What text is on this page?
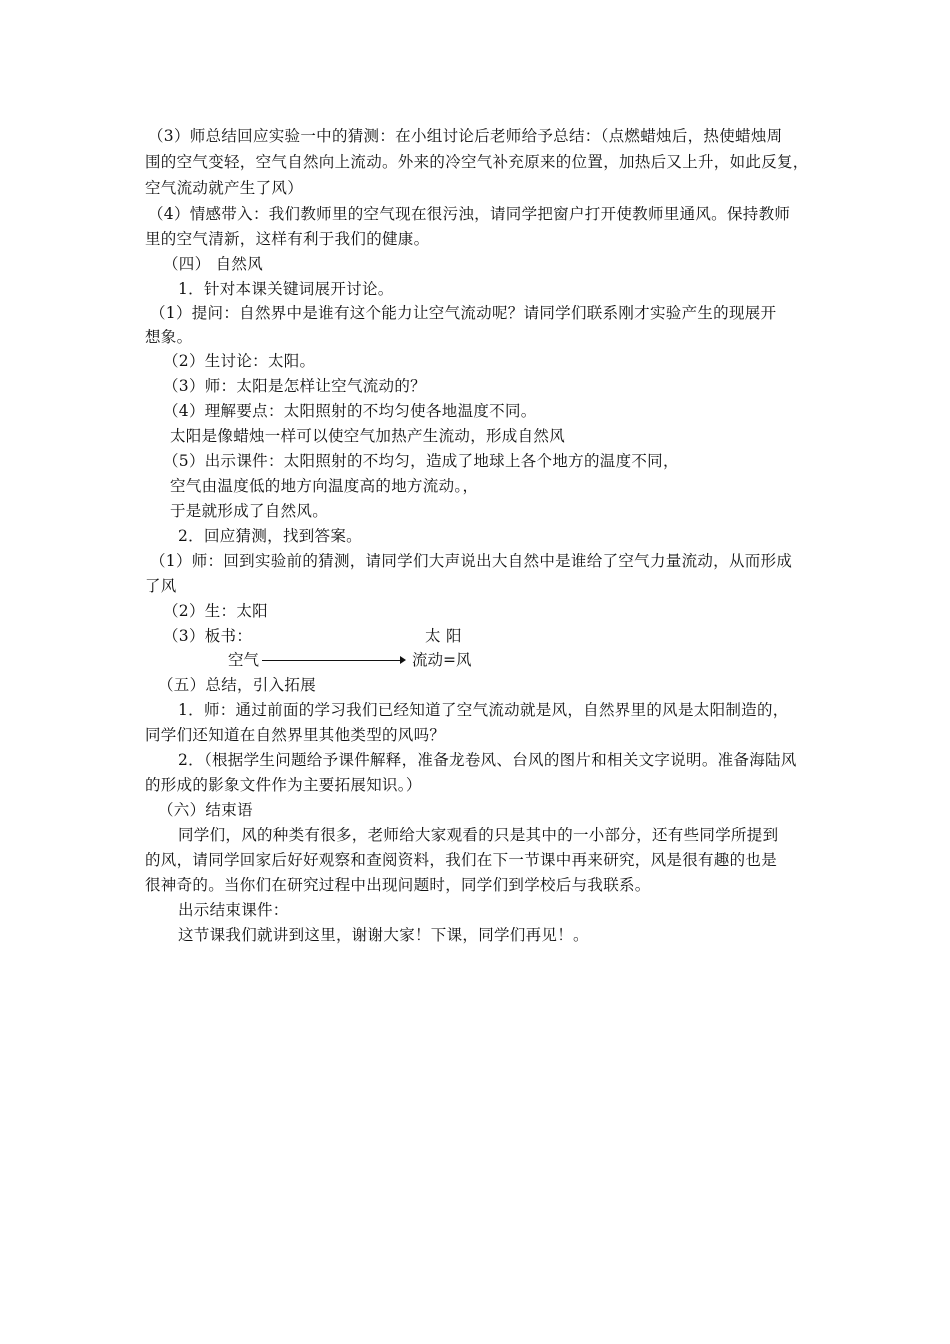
（3）师总结回应实验一中的猜测：在小组讨论后老师给予总结：（点燃蜡烛后，热使蜡烛周
围的空气变轻，空气自然向上流动。外来的冷空气补充原来的位置，加热后又上升，如此反复，
空气流动就产生了风）
（4）情感带入：我们教师里的空气现在很污浊，请同学把窗户打开使教师里通风。保持教师
里的空气清新，这样有利于我们的健康。
（四） 自然风
1．针对本课关键词展开讨论。
（1）提问：自然界中是谁有这个能力让空气流动呢？请同学们联系刚才实验产生的现展开
想象。
（2）生讨论：太阳。
（3）师：太阳是怎样让空气流动的？
（4）理解要点：太阳照射的不均匀使各地温度不同。
太阳是像蜡烛一样可以使空气加热产生流动，形成自然风
（5）出示课件：太阳照射的不均匀，造成了地球上各个地方的温度不同，
空气由温度低的地方向温度高的地方流动。，
于是就形成了自然风。
2．回应猜测，找到答案。
（1）师：回到实验前的猜测，请同学们大声说出大自然中是谁给了空气力量流动，从而形成
了风
（2）生：太阳
（3）板书：	太 阳
空气	流动=风
（五）总结，引入拓展
1．师：通过前面的学习我们已经知道了空气流动就是风，自然界里的风是太阳制造的，
同学们还知道在自然界里其他类型的风吗？
2．（根据学生问题给予课件解释，准备龙卷风、台风的图片和相关文字说明。准备海陆风
的形成的影象文件作为主要拓展知识。）
（六）结束语
同学们，风的种类有很多，老师给大家观看的只是其中的一小部分，还有些同学所提到
的风，请同学回家后好好观察和查阅资料，我们在下一节课中再来研究，风是很有趣的也是
很神奇的。当你们在研究过程中出现问题时，同学们到学校后与我联系。
出示结束课件：
这节课我们就讲到这里，谢谢大家！下课，同学们再见！。
